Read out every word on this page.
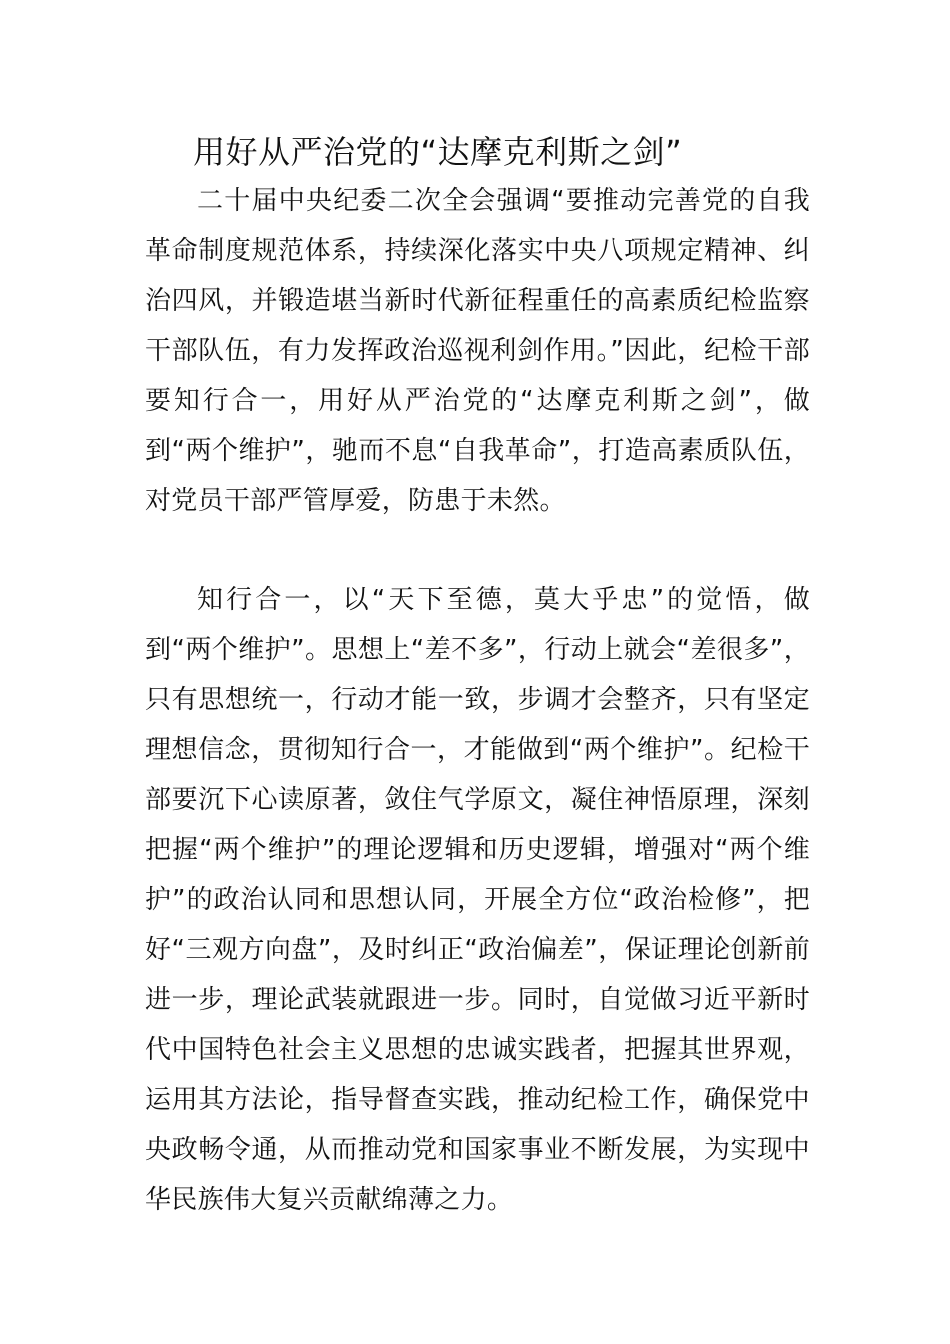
用好从严治党的“达摩克利斯之剑”

二十届中央纪委二次全会强调“要推动完善党的自我革命制度规范体系，持续深化落实中央八项规定精神、纠治四风，并锻造堪当新时代新征程重任的高素质纪检监察干部队伍，有力发挥政治巡视利剑作用。”因此，纪检干部要知行合一，用好从严治党的“达摩克利斯之剑”，做到“两个维护”，驰而不息“自我革命”，打造高素质队伍，对党员干部严管厚爱，防患于未然。

知行合一，以“天下至德，莫大乎忠”的觉悟，做到“两个维护”。思想上“差不多”，行动上就会“差很多”，只有思想统一，行动才能一致，步调才会整齐，只有坚定理想信念，贯彻知行合一，才能做到“两个维护”。纪检干部要沉下心读原著，敛住气学原文，凝住神悟原理，深刻把握“两个维护”的理论逻辑和历史逻辑，增强对“两个维护”的政治认同和思想认同，开展全方位“政治检修”，把好“三观方向盘”，及时纠正“政治偏差”，保证理论创新前进一步，理论武装就跟进一步。同时，自觉做习近平新时代中国特色社会主义思想的忠诚实践者，把握其世界观，运用其方法论，指导督查实践，推动纪检工作，确保党中央政畅令通，从而推动党和国家事业不断发展，为实现中华民族伟大复兴贡献绵薄之力。
